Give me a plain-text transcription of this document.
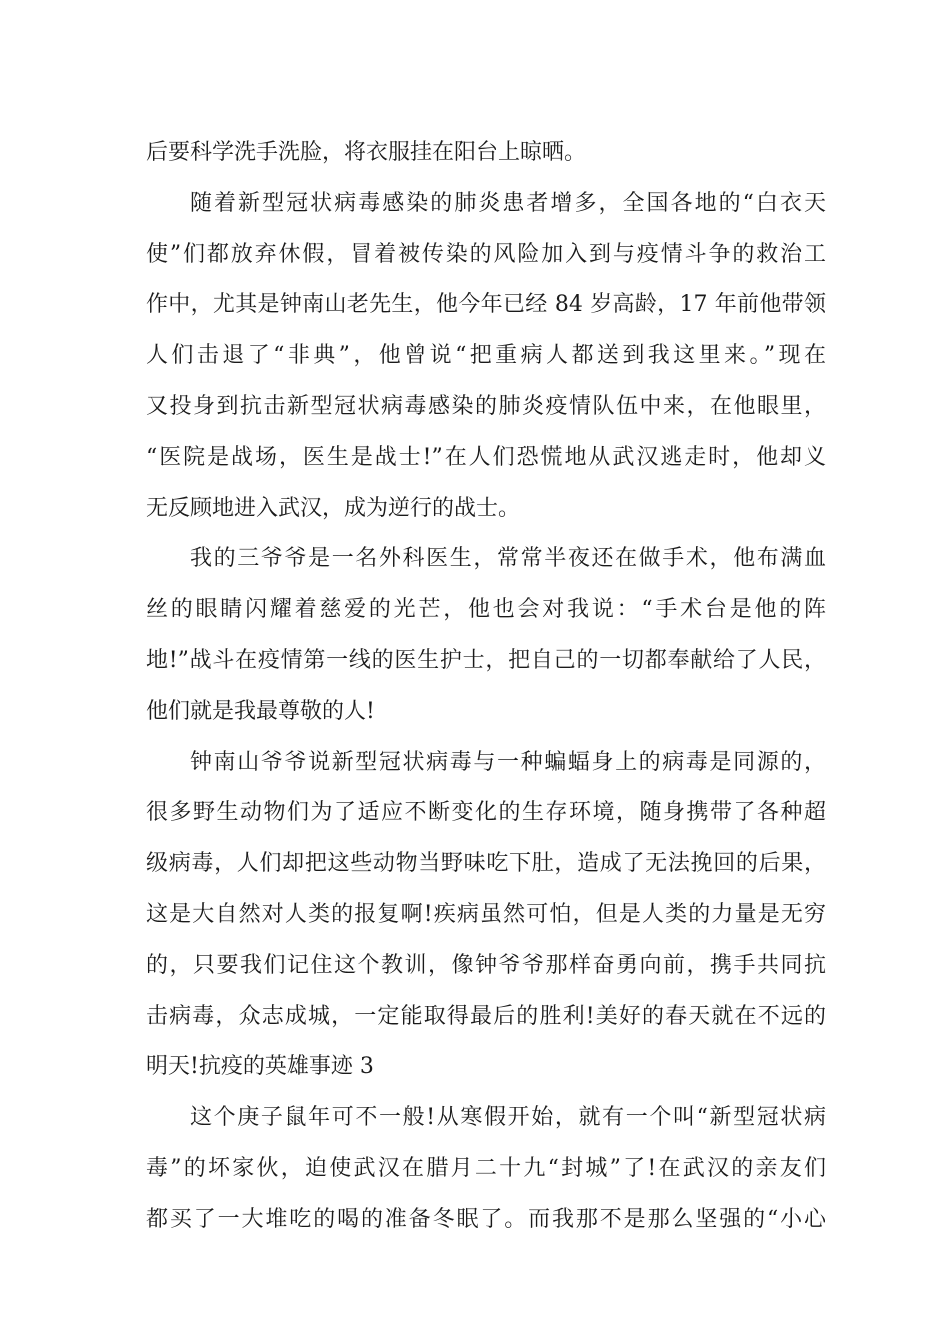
后要科学洗手洗脸，将衣服挂在阳台上晾晒。
随着新型冠状病毒感染的肺炎患者增多，全国各地的“白衣天
使”们都放弃休假，冒着被传染的风险加入到与疫情斗争的救治工
作中，尤其是钟南山老先生，他今年已经 84 岁高龄，17 年前他带领
人们击退了“非典”，他曾说“把重病人都送到我这里来。”现在
又投身到抗击新型冠状病毒感染的肺炎疫情队伍中来，在他眼里，
“医院是战场，医生是战士!”在人们恐慌地从武汉逃走时，他却义
无反顾地进入武汉，成为逆行的战士。
我的三爷爷是一名外科医生，常常半夜还在做手术，他布满血
丝的眼睛闪耀着慈爱的光芒，他也会对我说：“手术台是他的阵
地!”战斗在疫情第一线的医生护士，把自己的一切都奉献给了人民，
他们就是我最尊敬的人!
钟南山爷爷说新型冠状病毒与一种蝙蝠身上的病毒是同源的，
很多野生动物们为了适应不断变化的生存环境，随身携带了各种超
级病毒，人们却把这些动物当野味吃下肚，造成了无法挽回的后果，
这是大自然对人类的报复啊!疾病虽然可怕，但是人类的力量是无穷
的，只要我们记住这个教训，像钟爷爷那样奋勇向前，携手共同抗
击病毒，众志成城，一定能取得最后的胜利!美好的春天就在不远的
明天!抗疫的英雄事迹 3
这个庚子鼠年可不一般!从寒假开始，就有一个叫“新型冠状病
毒”的坏家伙，迫使武汉在腊月二十九“封城”了!在武汉的亲友们
都买了一大堆吃的喝的准备冬眠了。而我那不是那么坚强的“小心
